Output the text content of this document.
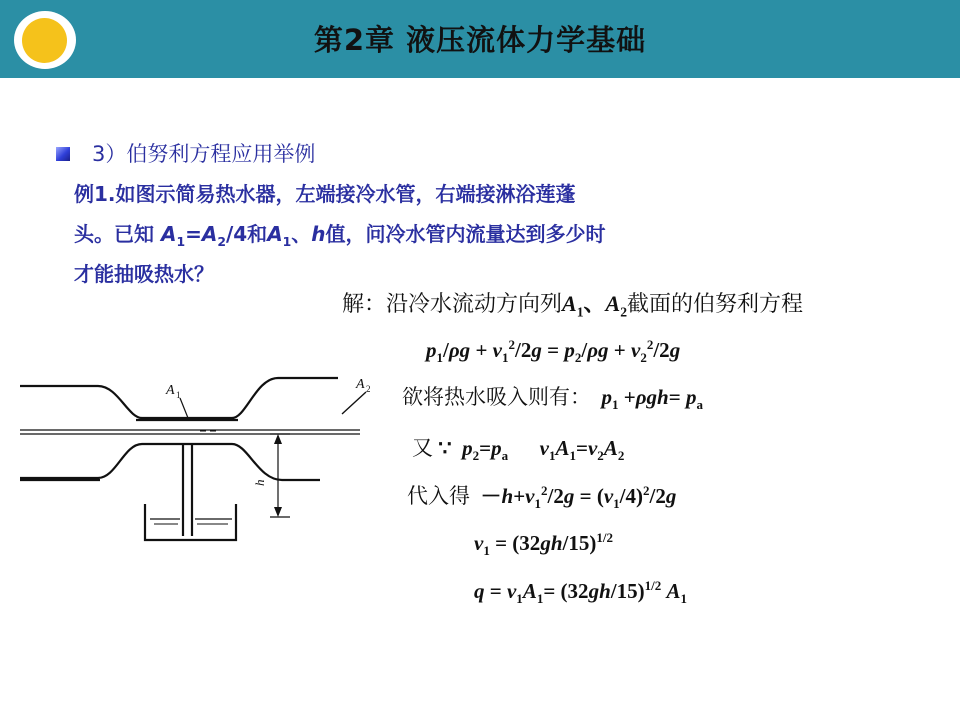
第2章 液压流体力学基础
3）伯努利方程应用举例
例1.如图示简易热水器，左端接冷水管，右端接淋浴莲蓬
头。已知 $A_1=A_2/4$和$A_1$、h值，问冷水管内流量达到多少时
才能抽吸热水？
解：沿冷水流动方向列$A_1$、$A_2$截面的伯努利方程
$p_1/\rho g + v_1^2/2g = p_2/\rho g + v_2^2/2g$
欲将热水吸入则有： $p_1 +\rho gh= p_a$
又 ∵ $p_2=p_a$ $v_1A_1=v_2A_2$
代入得  $-h+v_1^2/2g = (v_1/4)^2/2g$
$v_1 = (32gh/15)^{1/2}$
$q = v_1A_1= (32gh/15)^{1/2}$ $A_1$
A 1
A 2
h
